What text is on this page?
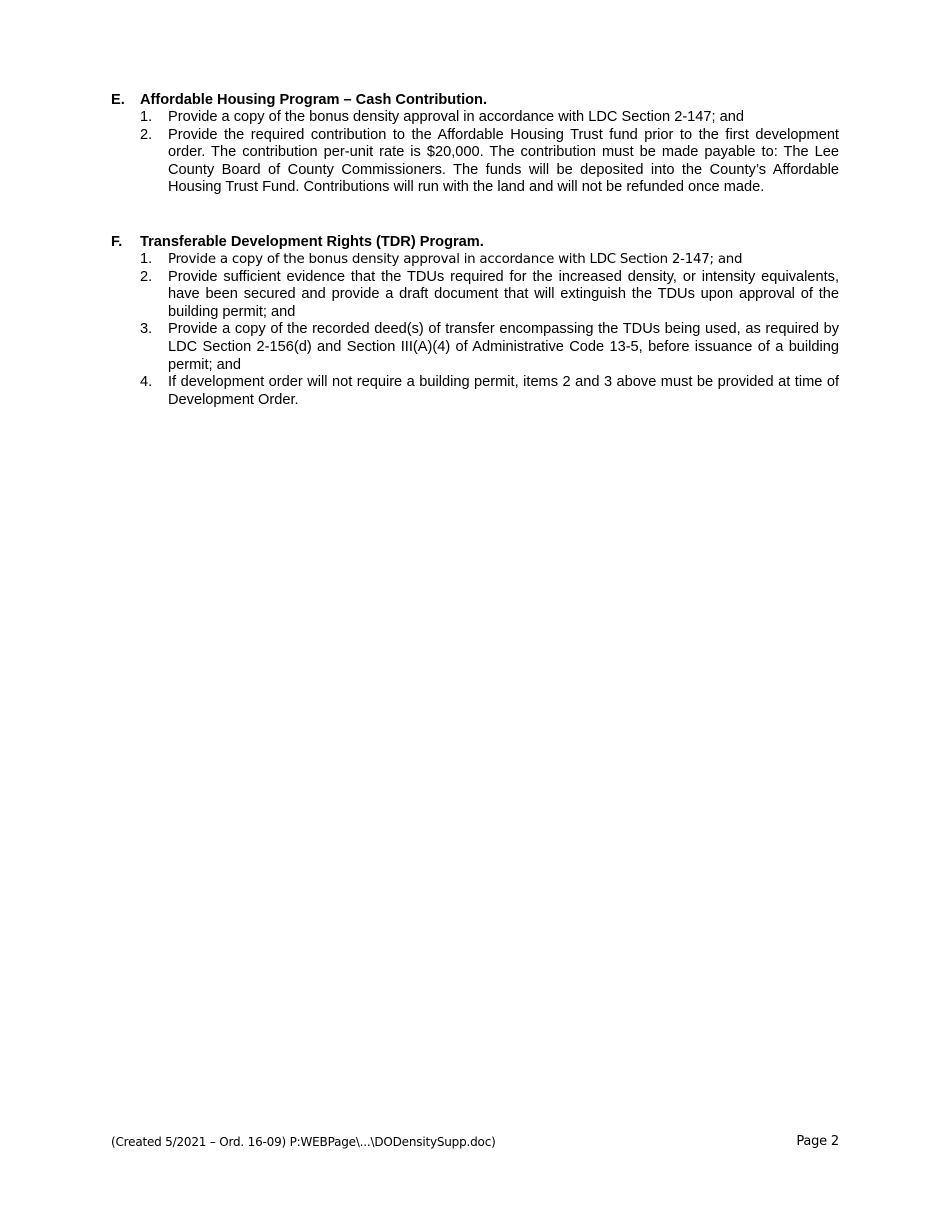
E.	Affordable Housing Program – Cash Contribution.
1.	Provide a copy of the bonus density approval in accordance with LDC Section 2-147; and
2.	Provide the required contribution to the Affordable Housing Trust fund prior to the first development order. The contribution per-unit rate is $20,000. The contribution must be made payable to: The Lee County Board of County Commissioners. The funds will be deposited into the County’s Affordable Housing Trust Fund. Contributions will run with the land and will not be refunded once made.
F.	Transferable Development Rights (TDR) Program.
1.	Provide a copy of the bonus density approval in accordance with LDC Section 2-147; and
2.	Provide sufficient evidence that the TDUs required for the increased density, or intensity equivalents, have been secured and provide a draft document that will extinguish the TDUs upon approval of the building permit; and
3.	Provide a copy of the recorded deed(s) of transfer encompassing the TDUs being used, as required by LDC Section 2-156(d) and Section III(A)(4) of Administrative Code 13-5, before issuance of a building permit; and
4.	If development order will not require a building permit, items 2 and 3 above must be provided at time of Development Order.
(Created 5/2021 – Ord. 16-09) P:WEBPage\...\DODensitySupp.doc)	Page 2
